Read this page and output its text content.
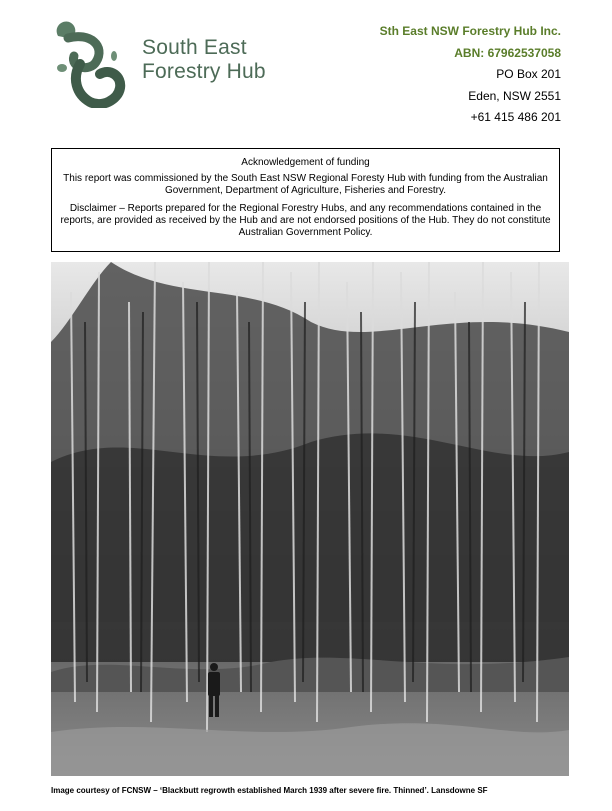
South East
Forestry Hub
Sth East NSW Forestry Hub Inc.
ABN: 67962537058
PO Box 201
Eden, NSW 2551
+61 415 486 201

Acknowledgement of funding

This report was commissioned by the South East NSW Regional Foresty Hub with funding from the Australian Government, Department of Agriculture, Fisheries and Forestry.

Disclaimer – Reports prepared for the Regional Forestry Hubs, and any recommendations contained in the reports, are provided as received by the Hub and are not endorsed positions of the Hub. They do not constitute Australian Government Policy.

Image courtesy of FCNSW – ‘Blackbutt regrowth established March 1939 after severe fire. Thinned’. Lansdowne SF
